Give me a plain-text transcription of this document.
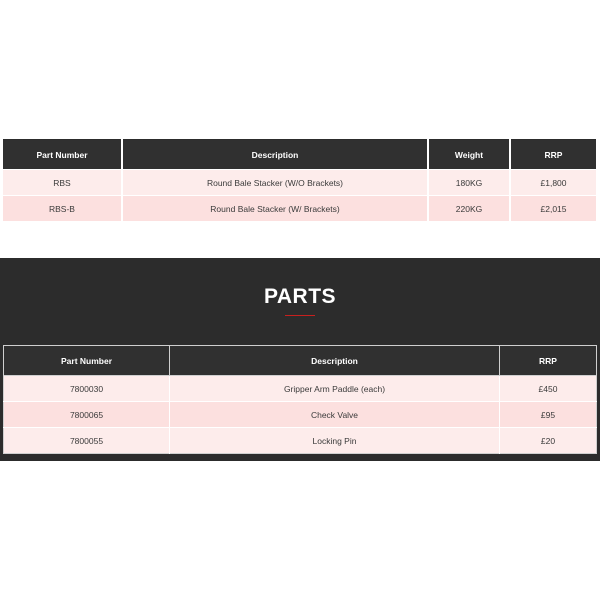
Part Number	Description	Weight	RRP
RBS	Round Bale Stacker (W/O Brackets)	180KG	£1,800
RBS-B	Round Bale Stacker (W/ Brackets)	220KG	£2,015
PARTS
Part Number	Description	RRP
7800030	Gripper Arm Paddle (each)	£450
7800065	Check Valve	£95
7800055	Locking Pin	£20
